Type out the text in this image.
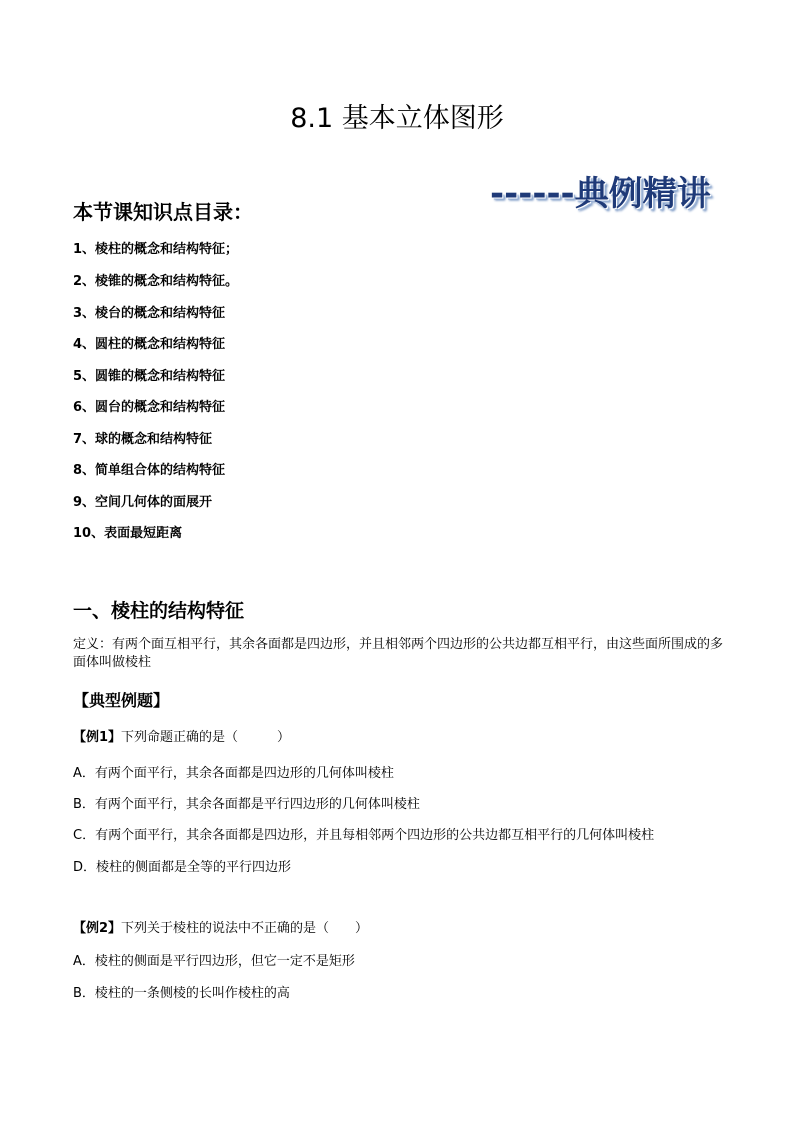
8.1 基本立体图形
------典例精讲
本节课知识点目录：
1、棱柱的概念和结构特征；
2、棱锥的概念和结构特征。
3、棱台的概念和结构特征
4、圆柱的概念和结构特征
5、圆锥的概念和结构特征
6、圆台的概念和结构特征
7、球的概念和结构特征
8、简单组合体的结构特征
9、空间几何体的面展开
10、表面最短距离
一、棱柱的结构特征
定义：有两个面互相平行，其余各面都是四边形，并且相邻两个四边形的公共边都互相平行，由这些面所围成的多面体叫做棱柱
【典型例题】
【例1】下列命题正确的是（　　　）
A．有两个面平行，其余各面都是四边形的几何体叫棱柱
B．有两个面平行，其余各面都是平行四边形的几何体叫棱柱
C．有两个面平行，其余各面都是四边形，并且每相邻两个四边形的公共边都互相平行的几何体叫棱柱
D．棱柱的侧面都是全等的平行四边形
【例2】下列关于棱柱的说法中不正确的是（　　）
A．棱柱的侧面是平行四边形，但它一定不是矩形
B．棱柱的一条侧棱的长叫作棱柱的高
